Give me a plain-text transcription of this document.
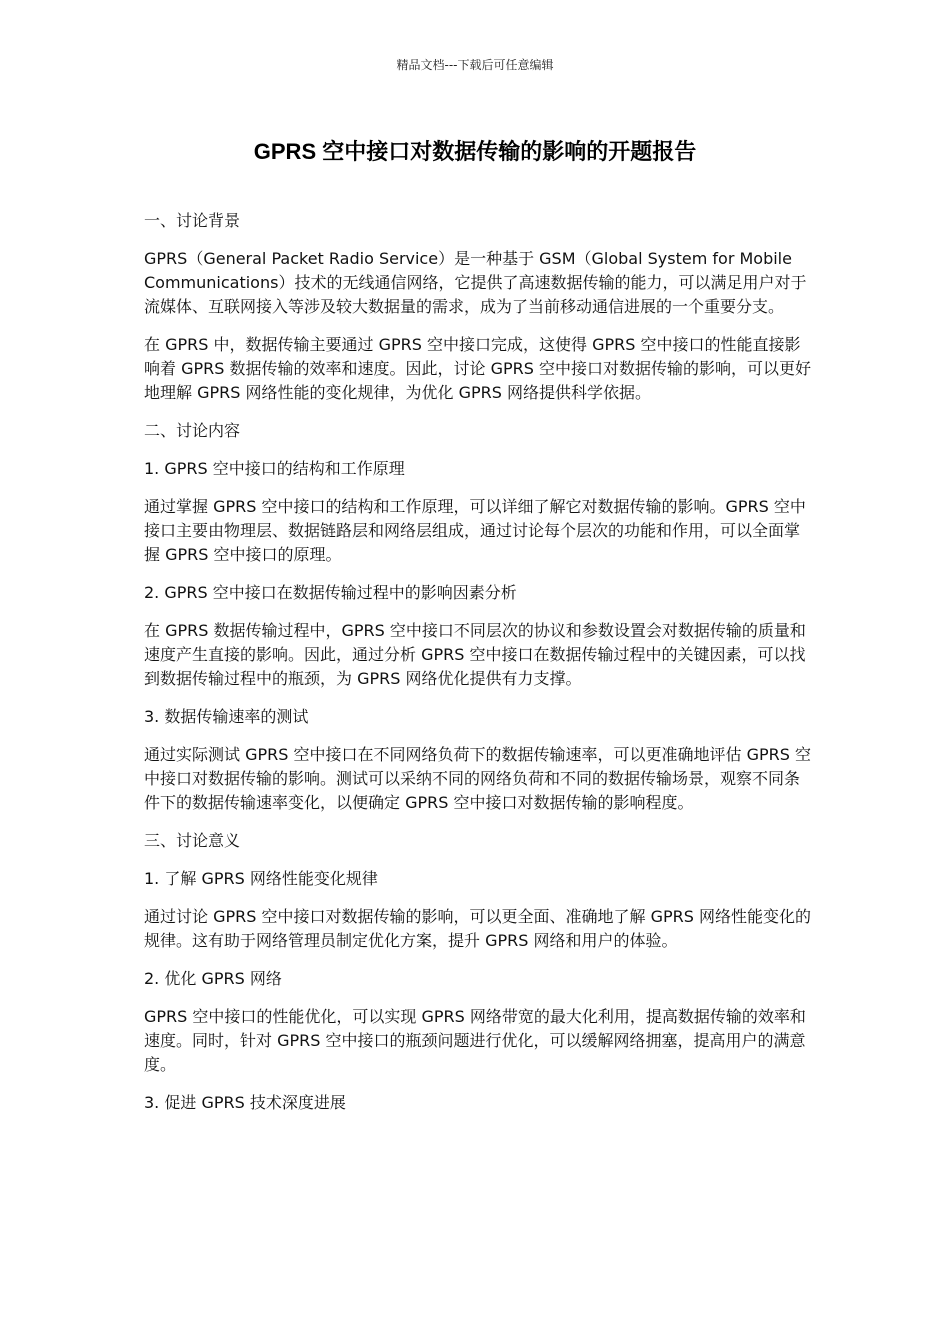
精品文档---下载后可任意编辑
GPRS 空中接口对数据传输的影响的开题报告

一、讨论背景

GPRS（General Packet Radio Service）是一种基于 GSM（Global System for Mobile Communications）技术的无线通信网络，它提供了高速数据传输的能力，可以满足用户对于流媒体、互联网接入等涉及较大数据量的需求，成为了当前移动通信进展的一个重要分支。

在 GPRS 中，数据传输主要通过 GPRS 空中接口完成，这使得 GPRS 空中接口的性能直接影响着 GPRS 数据传输的效率和速度。因此，讨论 GPRS 空中接口对数据传输的影响，可以更好地理解 GPRS 网络性能的变化规律，为优化 GPRS 网络提供科学依据。

二、讨论内容

1. GPRS 空中接口的结构和工作原理

通过掌握 GPRS 空中接口的结构和工作原理，可以详细了解它对数据传输的影响。GPRS 空中接口主要由物理层、数据链路层和网络层组成，通过讨论每个层次的功能和作用，可以全面掌握 GPRS 空中接口的原理。

2. GPRS 空中接口在数据传输过程中的影响因素分析

在 GPRS 数据传输过程中，GPRS 空中接口不同层次的协议和参数设置会对数据传输的质量和速度产生直接的影响。因此，通过分析 GPRS 空中接口在数据传输过程中的关键因素，可以找到数据传输过程中的瓶颈，为 GPRS 网络优化提供有力支撑。

3. 数据传输速率的测试

通过实际测试 GPRS 空中接口在不同网络负荷下的数据传输速率，可以更准确地评估 GPRS 空中接口对数据传输的影响。测试可以采纳不同的网络负荷和不同的数据传输场景，观察不同条件下的数据传输速率变化，以便确定 GPRS 空中接口对数据传输的影响程度。

三、讨论意义

1. 了解 GPRS 网络性能变化规律

通过讨论 GPRS 空中接口对数据传输的影响，可以更全面、准确地了解 GPRS 网络性能变化的规律。这有助于网络管理员制定优化方案，提升 GPRS 网络和用户的体验。

2. 优化 GPRS 网络

GPRS 空中接口的性能优化，可以实现 GPRS 网络带宽的最大化利用，提高数据传输的效率和速度。同时，针对 GPRS 空中接口的瓶颈问题进行优化，可以缓解网络拥塞，提高用户的满意度。

3. 促进 GPRS 技术深度进展
